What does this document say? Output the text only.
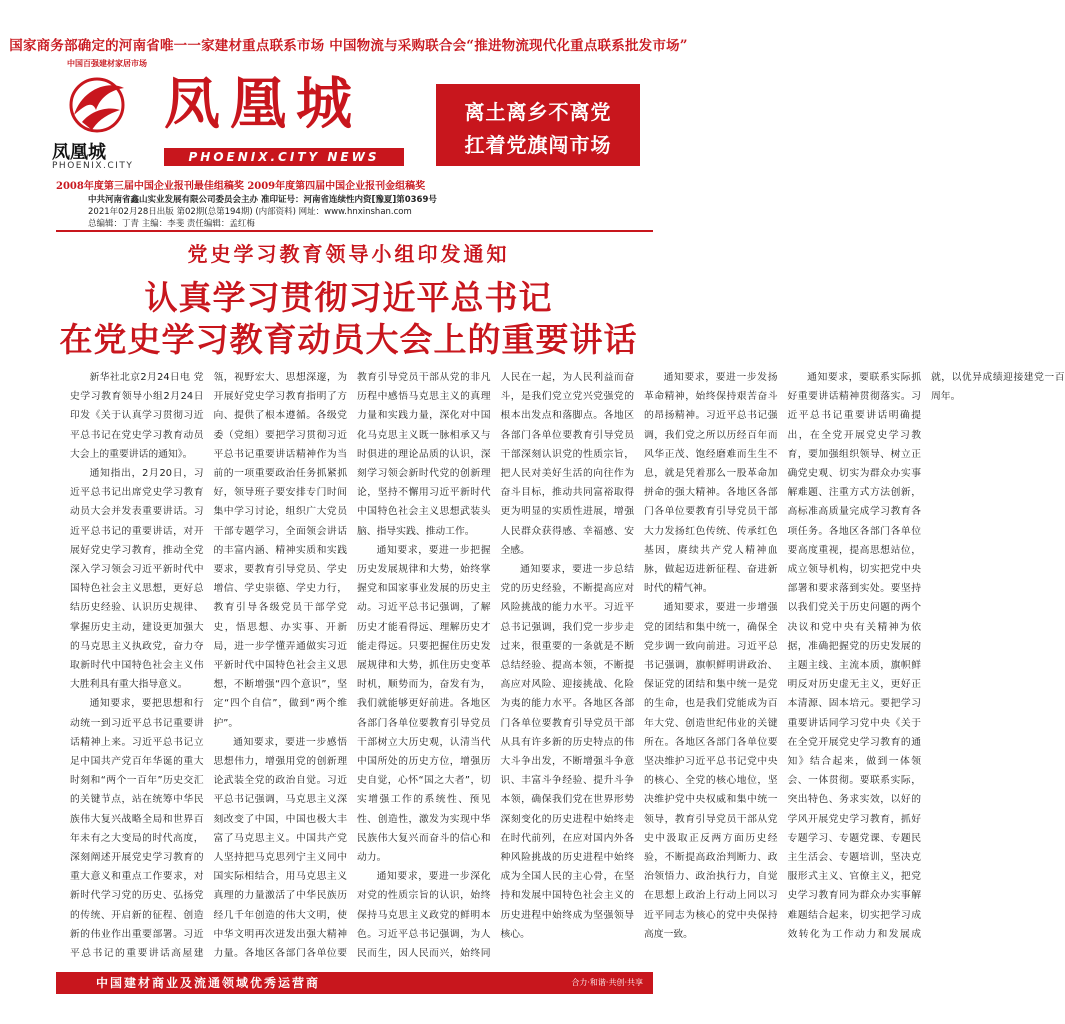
国家商务部确定的河南省唯一一家建材重点联系市场 中国物流与采购联合会“推进物流现代化重点联系批发市场”
中国百强建材家居市场
凤凰城
PHOENIX.CITY
凤凰城
PHOENIX.CITY NEWS
离土离乡不离党
扛着党旗闯市场
2008年度第三届中国企业报刊最佳组稿奖 2009年度第四届中国企业报刊金组稿奖
中共河南省鑫山实业发展有限公司委员会主办 准印证号：河南省连续性内资[豫夏]第0369号
2021年02月28日出版 第02期(总第194期) (内部资料) 网址：www.hnxinshan.com
总编辑：丁青 主编：李斐 责任编辑：孟红梅
党史学习教育领导小组印发通知
认真学习贯彻习近平总书记
在党史学习教育动员大会上的重要讲话

新华社北京2月24日电 党史学习教育领导小组2月24日印发《关于认真学习贯彻习近平总书记在党史学习教育动员大会上的重要讲话的通知》。

通知指出，2月20日，习近平总书记出席党史学习教育动员大会并发表重要讲话。习近平总书记的重要讲话，对开展好党史学习教育，推动全党深入学习领会习近平新时代中国特色社会主义思想，更好总结历史经验、认识历史规律、掌握历史主动，建设更加强大的马克思主义执政党，奋力夺取新时代中国特色社会主义伟大胜利具有重大指导意义。

通知要求，要把思想和行动统一到习近平总书记重要讲话精神上来。习近平总书记立足中国共产党百年华诞的重大时刻和“两个一百年”历史交汇的关键节点，站在统筹中华民族伟大复兴战略全局和世界百年未有之大变局的时代高度，深刻阐述开展党史学习教育的重大意义和重点工作要求，对新时代学习党的历史、弘扬党的传统、开启新的征程、创造新的伟业作出重要部署。习近平总书记的重要讲话高屋建瓴，视野宏大、思想深邃，为开展好党史学习教育指明了方向、提供了根本遵循。各级党委（党组）要把学习贯彻习近平总书记重要讲话精神作为当前的一项重要政治任务抓紧抓好，领导班子要安排专门时间集中学习讨论，组织广大党员干部专题学习，全面领会讲话的丰富内涵、精神实质和实践要求，要教育引导党员、学史增信、学史崇德、学史力行，教育引导各级党员干部学党史，悟思想、办实事、开新局，进一步学懂弄通做实习近平新时代中国特色社会主义思想，不断增强“四个意识”，坚定“四个自信”，做到“两个维护”。

通知要求，要进一步感悟思想伟力，增强用党的创新理论武装全党的政治自觉。习近平总书记强调，马克思主义深刻改变了中国，中国也极大丰富了马克思主义。中国共产党人坚持把马克思列宁主义同中国实际相结合，用马克思主义真理的力量激活了中华民族历经几千年创造的伟大文明，使中华文明再次迸发出强大精神力量。各地区各部门各单位要教育引导党员干部从党的非凡历程中感悟马克思主义的真理力量和实践力量，深化对中国化马克思主义既一脉相承又与时俱进的理论品质的认识，深刻学习领会新时代党的创新理论，坚持不懈用习近平新时代中国特色社会主义思想武装头脑、指导实践、推动工作。

通知要求，要进一步把握历史发展规律和大势，始终掌握党和国家事业发展的历史主动。习近平总书记强调，了解历史才能看得远、理解历史才能走得远。只要把握住历史发展规律和大势，抓住历史变革时机，顺势而为，奋发有为，我们就能够更好前进。各地区各部门各单位要教育引导党员干部树立大历史观，认清当代中国所处的历史方位，增强历史自觉，心怀“国之大者”，切实增强工作的系统性、预见性、创造性，激发为实现中华民族伟大复兴而奋斗的信心和动力。

通知要求，要进一步深化对党的性质宗旨的认识，始终保持马克思主义政党的鲜明本色。习近平总书记强调，为人民而生，因人民而兴，始终同人民在一起，为人民利益而奋斗，是我们党立党兴党强党的根本出发点和落脚点。各地区各部门各单位要教育引导党员干部深刻认识党的性质宗旨，把人民对美好生活的向往作为奋斗目标，推动共同富裕取得更为明显的实质性进展，增强人民群众获得感、幸福感、安全感。

通知要求，要进一步总结党的历史经验，不断提高应对风险挑战的能力水平。习近平总书记强调，我们党一步步走过来，很重要的一条就是不断总结经验、提高本领，不断提高应对风险、迎接挑战、化险为夷的能力水平。各地区各部门各单位要教育引导党员干部从具有许多新的历史特点的伟大斗争出发，不断增强斗争意识、丰富斗争经验、提升斗争本领，确保我们党在世界形势深刻变化的历史进程中始终走在时代前列，在应对国内外各种风险挑战的历史进程中始终成为全国人民的主心骨，在坚持和发展中国特色社会主义的历史进程中始终成为坚强领导核心。

通知要求，要进一步发扬革命精神，始终保持艰苦奋斗的昂扬精神。习近平总书记强调，我们党之所以历经百年而风华正茂、饱经磨难而生生不息，就是凭着那么一股革命加拼命的强大精神。各地区各部门各单位要教育引导党员干部大力发扬红色传统、传承红色基因，赓续共产党人精神血脉，做起迈进新征程、奋进新时代的精气神。

通知要求，要进一步增强党的团结和集中统一，确保全党步调一致向前进。习近平总书记强调，旗帜鲜明讲政治、保证党的团结和集中统一是党的生命，也是我们党能成为百年大党、创造世纪伟业的关键所在。各地区各部门各单位要坚决维护习近平总书记党中央的核心、全党的核心地位，坚决维护党中央权威和集中统一领导，教育引导党员干部从党史中汲取正反两方面历史经验，不断提高政治判断力、政治领悟力、政治执行力，自觉在思想上政治上行动上同以习近平同志为核心的党中央保持高度一致。

通知要求，要联系实际抓好重要讲话精神贯彻落实。习近平总书记重要讲话明确提出，在全党开展党史学习教育，要加强组织领导、树立正确党史观、切实为群众办实事解难题、注重方式方法创新，高标准高质量完成学习教育各项任务。各地区各部门各单位要高度重视，提高思想站位，成立领导机构，切实把党中央部署和要求落到实处。要坚持以我们党关于历史问题的两个决议和党中央有关精神为依据，准确把握党的历史发展的主题主线、主流本质，旗帜鲜明反对历史虚无主义，更好正本清源、固本培元。要把学习重要讲话同学习党中央《关于在全党开展党史学习教育的通知》结合起来，做到一体领会、一体贯彻。要联系实际，突出特色、务求实效，以好的学风开展党史学习教育，抓好专题学习、专题党课、专题民主生活会、专题培训，坚决克服形式主义、官僚主义，把党史学习教育同为群众办实事解难题结合起来，切实把学习成效转化为工作动力和发展成就，以优异成绩迎接建党一百周年。

中国建材商业及流通领域优秀运营商	合力·和谐·共创·共享
